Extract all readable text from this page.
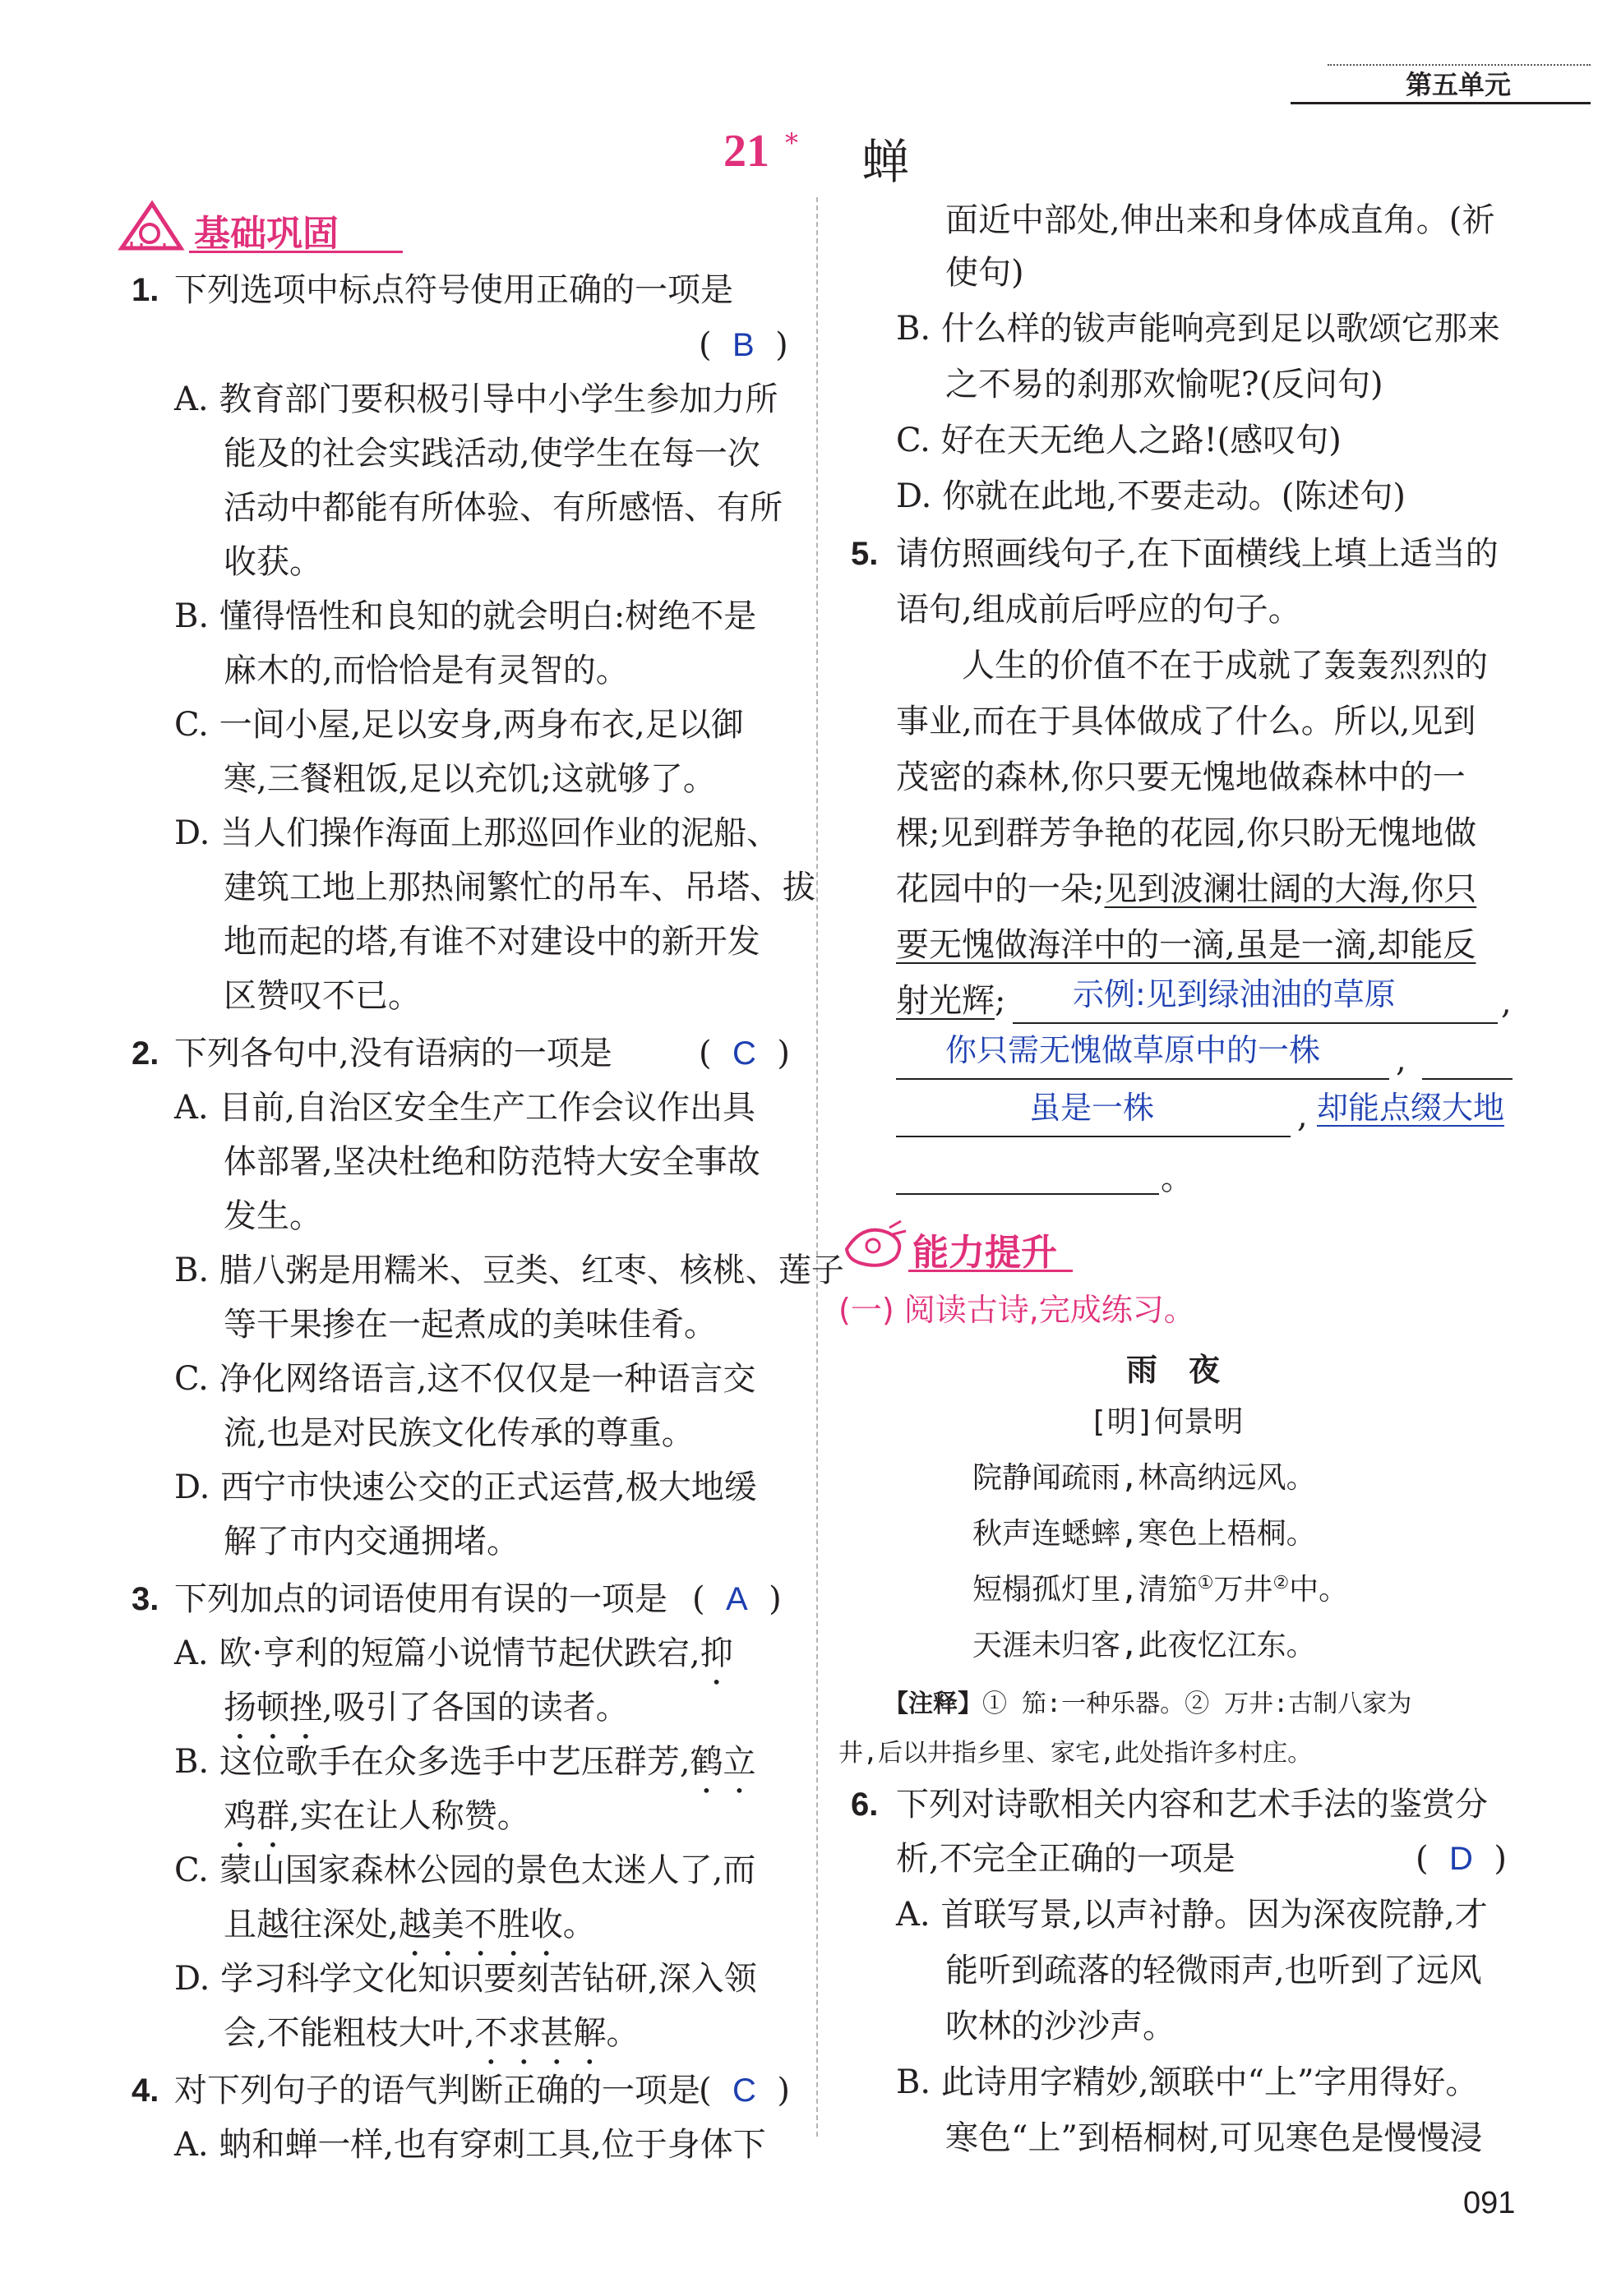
第五单元
21 * 蝉
基础巩固
1. 下列选项中标点符号使用正确的一项是
(  B  )
A. 教育部门要积极引导中小学生参加力所
能及的社会实践活动,使学生在每一次
活动中都能有所体验、有所感悟、有所
收获。
B. 懂得悟性和良知的就会明白:树绝不是
麻木的,而恰恰是有灵智的。
C. 一间小屋,足以安身,两身布衣,足以御
寒,三餐粗饭,足以充饥;这就够了。
D. 当人们操作海面上那巡回作业的泥船、
建筑工地上那热闹繁忙的吊车、吊塔、拔
地而起的塔,有谁不对建设中的新开发
区赞叹不已。
2. 下列各句中,没有语病的一项是	(  C  )
A. 目前,自治区安全生产工作会议作出具
体部署,坚决杜绝和防范特大安全事故
发生。
B. 腊八粥是用糯米、豆类、红枣、核桃、莲子
等干果掺在一起煮成的美味佳肴。
C. 净化网络语言,这不仅仅是一种语言交
流,也是对民族文化传承的尊重。
D. 西宁市快速公交的正式运营,极大地缓
解了市内交通拥堵。
3. 下列加点的词语使用有误的一项是 (  A  )
A. 欧·亨利的短篇小说情节起伏跌宕,抑
扬顿挫,吸引了各国的读者。
B. 这位歌手在众多选手中艺压群芳,鹤立
鸡群,实在让人称赞。
C. 蒙山国家森林公园的景色太迷人了,而
且越往深处,越美不胜收。
D. 学习科学文化知识要刻苦钻研,深入领
会,不能粗枝大叶,不求甚解。
4. 对下列句子的语气判断正确的一项是
(  C  )
A. 蚋和蝉一样,也有穿刺工具,位于身体下
面近中部处,伸出来和身体成直角。(祈
使句)
B. 什么样的钹声能响亮到足以歌颂它那来
之不易的刹那欢愉呢?(反问句)
C. 好在天无绝人之路!(感叹句)
D. 你就在此地,不要走动。(陈述句)
5. 请仿照画线句子,在下面横线上填上适当的
语句,组成前后呼应的句子。
人生的价值不在于成就了轰轰烈烈的
事业,而在于具体做成了什么。所以,见到
茂密的森林,你只要无愧地做森林中的一
棵;见到群芳争艳的花园,你只盼无愧地做
花园中的一朵;见到波澜壮阔的大海,你只
要无愧做海洋中的一滴,虽是一滴,却能反
射光辉; 示例:见到绿油油的草原	,
你只需无愧做草原中的一株 ,
虽是一株	, 却能点缀大地
。
能力提升
(一) 阅读古诗,完成练习。
雨　夜
[明]何景明
院静闻疏雨,林高纳远风。
秋声连蟋蟀,寒色上梧桐。
短榻孤灯里,清笳①万井②中。
天涯未归客,此夜忆江东。
【注释】① 笳:一种乐器。② 万井:古制八家为
井,后以井指乡里、家宅,此处指许多村庄。
6. 下列对诗歌相关内容和艺术手法的鉴赏分
析,不完全正确的一项是	(  D  )
A. 首联写景,以声衬静。因为深夜院静,才
能听到疏落的轻微雨声,也听到了远风
吹林的沙沙声。
B. 此诗用字精妙,颔联中“上”字用得好。
寒色“上”到梧桐树,可见寒色是慢慢浸
091
